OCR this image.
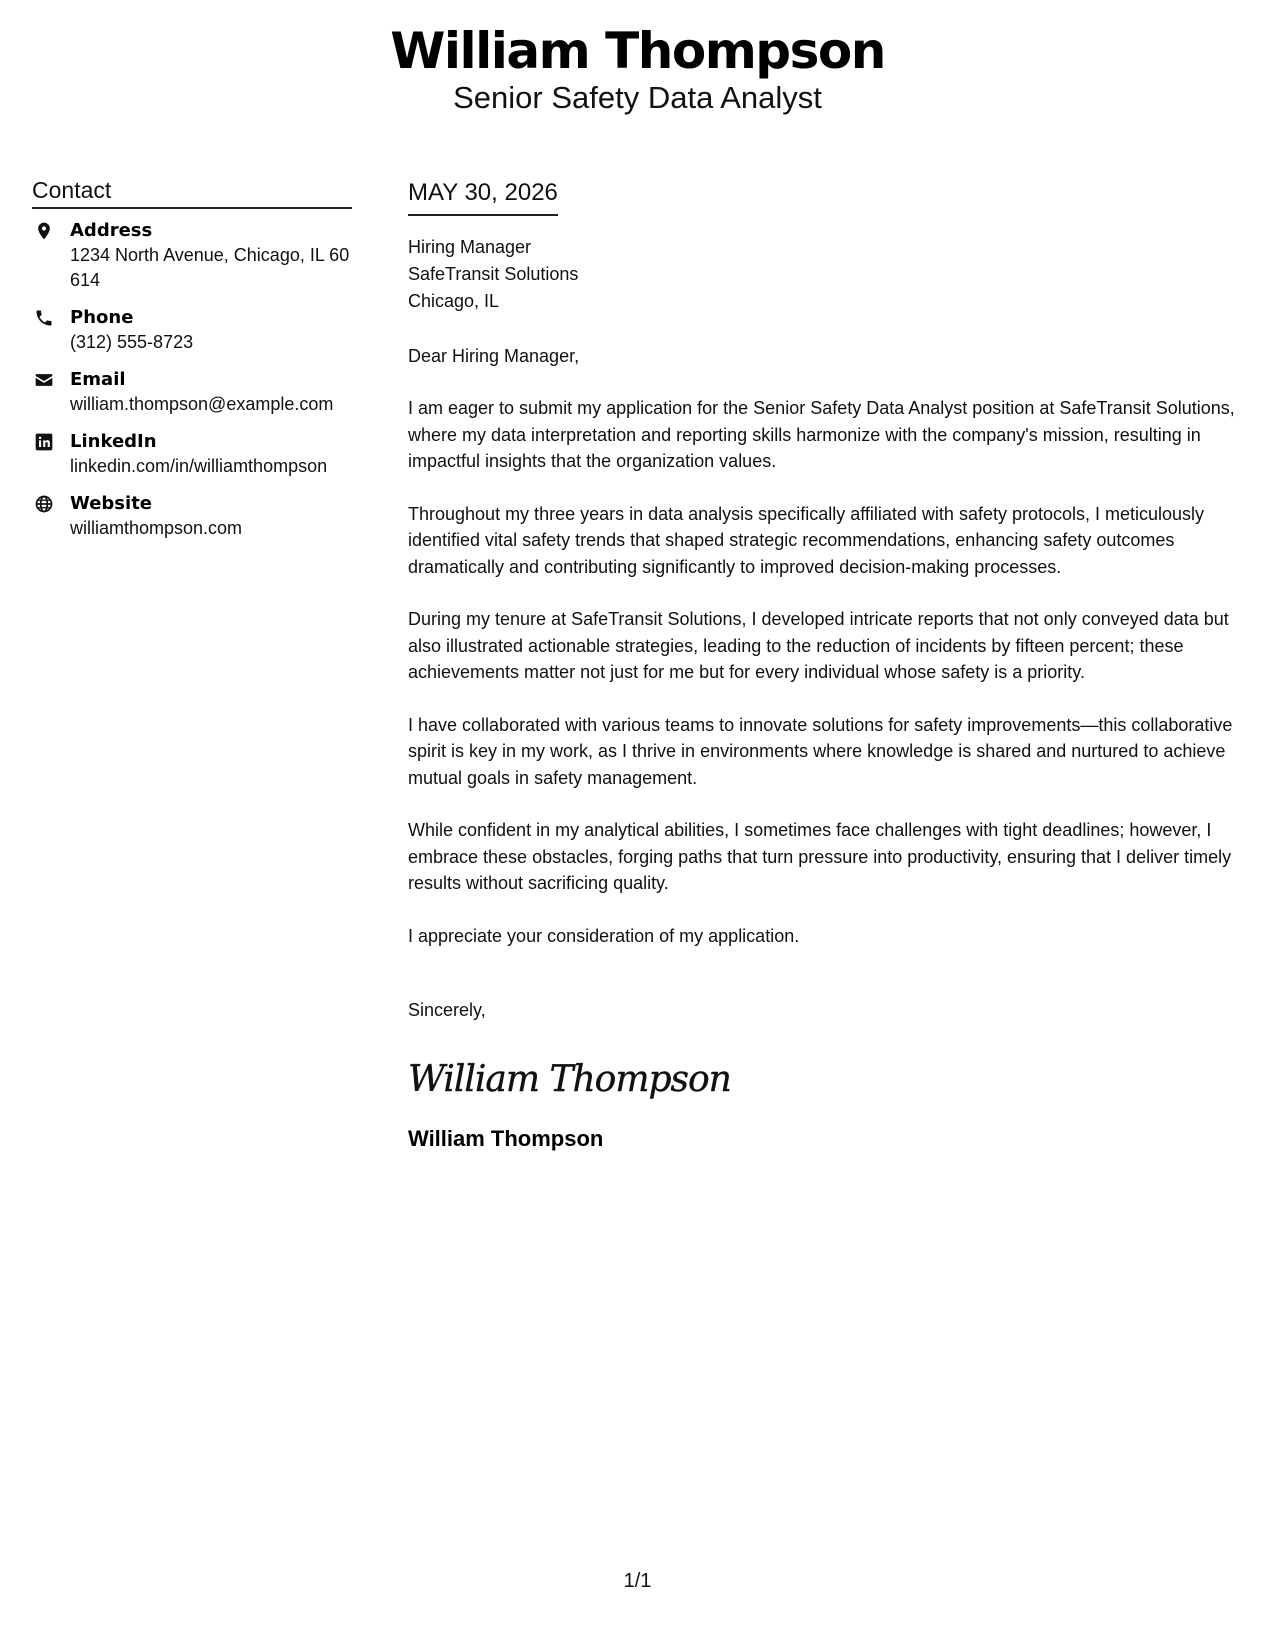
William Thompson
Senior Safety Data Analyst
Contact
Address
1234 North Avenue, Chicago, IL 60614
Phone
(312) 555-8723
Email
william.thompson@example.com
LinkedIn
linkedin.com/in/williamthompson
Website
williamthompson.com
MAY 30, 2026
Hiring Manager
SafeTransit Solutions
Chicago, IL
Dear Hiring Manager,
I am eager to submit my application for the Senior Safety Data Analyst position at SafeTransit Solutions, where my data interpretation and reporting skills harmonize with the company's mission, resulting in impactful insights that the organization values.
Throughout my three years in data analysis specifically affiliated with safety protocols, I meticulously identified vital safety trends that shaped strategic recommendations, enhancing safety outcomes dramatically and contributing significantly to improved decision-making processes.
During my tenure at SafeTransit Solutions, I developed intricate reports that not only conveyed data but also illustrated actionable strategies, leading to the reduction of incidents by fifteen percent; these achievements matter not just for me but for every individual whose safety is a priority.
I have collaborated with various teams to innovate solutions for safety improvements—this collaborative spirit is key in my work, as I thrive in environments where knowledge is shared and nurtured to achieve mutual goals in safety management.
While confident in my analytical abilities, I sometimes face challenges with tight deadlines; however, I embrace these obstacles, forging paths that turn pressure into productivity, ensuring that I deliver timely results without sacrificing quality.
I appreciate your consideration of my application.
Sincerely,
William Thompson
William Thompson
1/1
